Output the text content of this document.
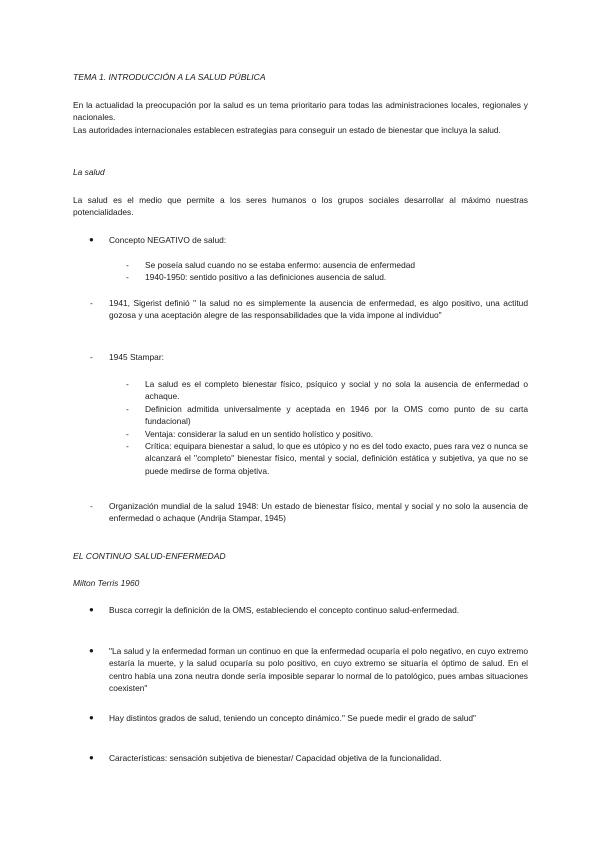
TEMA 1. INTRODUCCIÓN A LA SALUD PÚBLICA

En la actualidad la preocupación por la salud es un tema prioritario para todas las administraciones locales, regionales y nacionales.

Las autoridades internacionales establecen estrategias para conseguir un estado de bienestar que incluya la salud.

La salud

La salud es el medio que permite a los seres humanos o los grupos sociales desarrollar al máximo nuestras potencialidades.

● Concepto NEGATIVO de salud:
- Se poseía salud cuando no se estaba enfermo: ausencia de enfermedad
- 1940-1950: sentido positivo a las definiciones ausencia de salud.
- 1941, Sigerist definió " la salud no es simplemente la ausencia de enfermedad, es algo positivo, una actitud gozosa y una aceptación alegre de las responsabilidades que la vida impone al individuo"
- 1945 Stampar:
- La salud es el completo bienestar físico, psíquico y social y no sola la ausencia de enfermedad o achaque.
- Definicion admitida universalmente y aceptada en 1946 por la OMS como punto de su carta fundacional)
- Ventaja: considerar la salud en un sentido holístico y positivo.
- Crítica: equipara bienestar a salud, lo que es utópico y no es del todo exacto, pues rara vez o nunca se alcanzará el ''completo'' bienestar físico, mental y social, definición estática y subjetiva, ya que no se puede medirse de forma objetiva.
- Organización mundial de la salud 1948: Un estado de bienestar físico, mental y social y no solo la ausencia de enfermedad o achaque (Andrija Stampar, 1945)

EL CONTINUO SALUD-ENFERMEDAD

Milton Terris 1960

● Busca corregir la definición de la OMS, estableciendo el concepto continuo salud-enfermedad.
● "La salud y la enfermedad forman un continuo en que la enfermedad ocuparía el polo negativo, en cuyo extremo estaría la muerte, y la salud ocuparía su polo positivo, en cuyo extremo se situaría el óptimo de salud. En el centro había una zona neutra donde sería imposible separar lo normal de lo patológico, pues ambas situaciones coexisten"
● Hay distintos grados de salud, teniendo un concepto dinámico.'' Se puede medir el grado de salud"
● Características: sensación subjetiva de bienestar/ Capacidad objetiva de la funcionalidad.
